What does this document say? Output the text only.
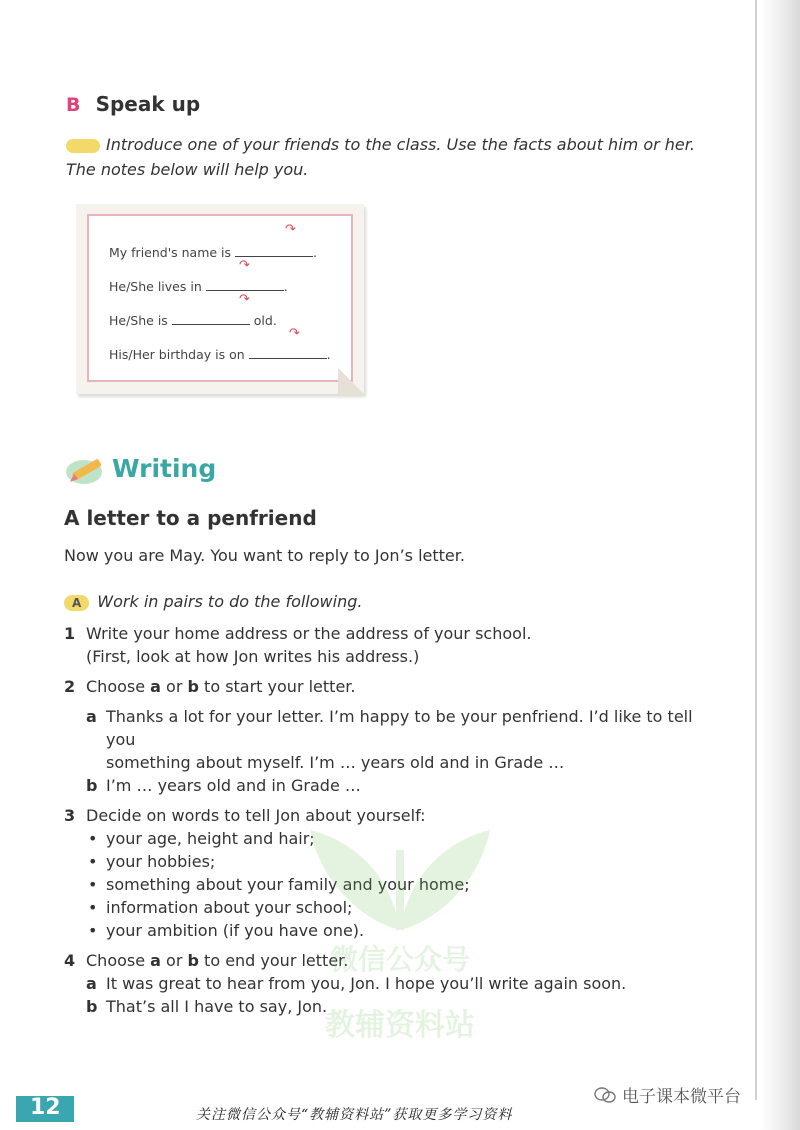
B Speak up
Introduce one of your friends to the class. Use the facts about him or her. The notes below will help you.
My friend's name is	.
He/She lives in	.
He/She is	old.
His/Her birthday is on	.
↷
↷
↷
↷
Writing
A letter to a penfriend
Now you are May. You want to reply to Jon’s letter.
A Work in pairs to do the following.
1 Write your home address or the address of your school.
(First, look at how Jon writes his address.)
2 Choose a or b to start your letter.
a Thanks a lot for your letter. I’m happy to be your penfriend. I’d like to tell you
something about myself. I’m … years old and in Grade …
b I’m … years old and in Grade …
3 Decide on words to tell Jon about yourself:
• your age, height and hair;
• your hobbies;
• something about your family and your home;
• information about your school;
• your ambition (if you have one).
4 Choose a or b to end your letter.
a It was great to hear from you, Jon. I hope you’ll write again soon.
b That’s all I have to say, Jon.
微信公众号
教辅资料站
12	关注微信公众号“教辅资料站”获取更多学习资料
电子课本微平台
